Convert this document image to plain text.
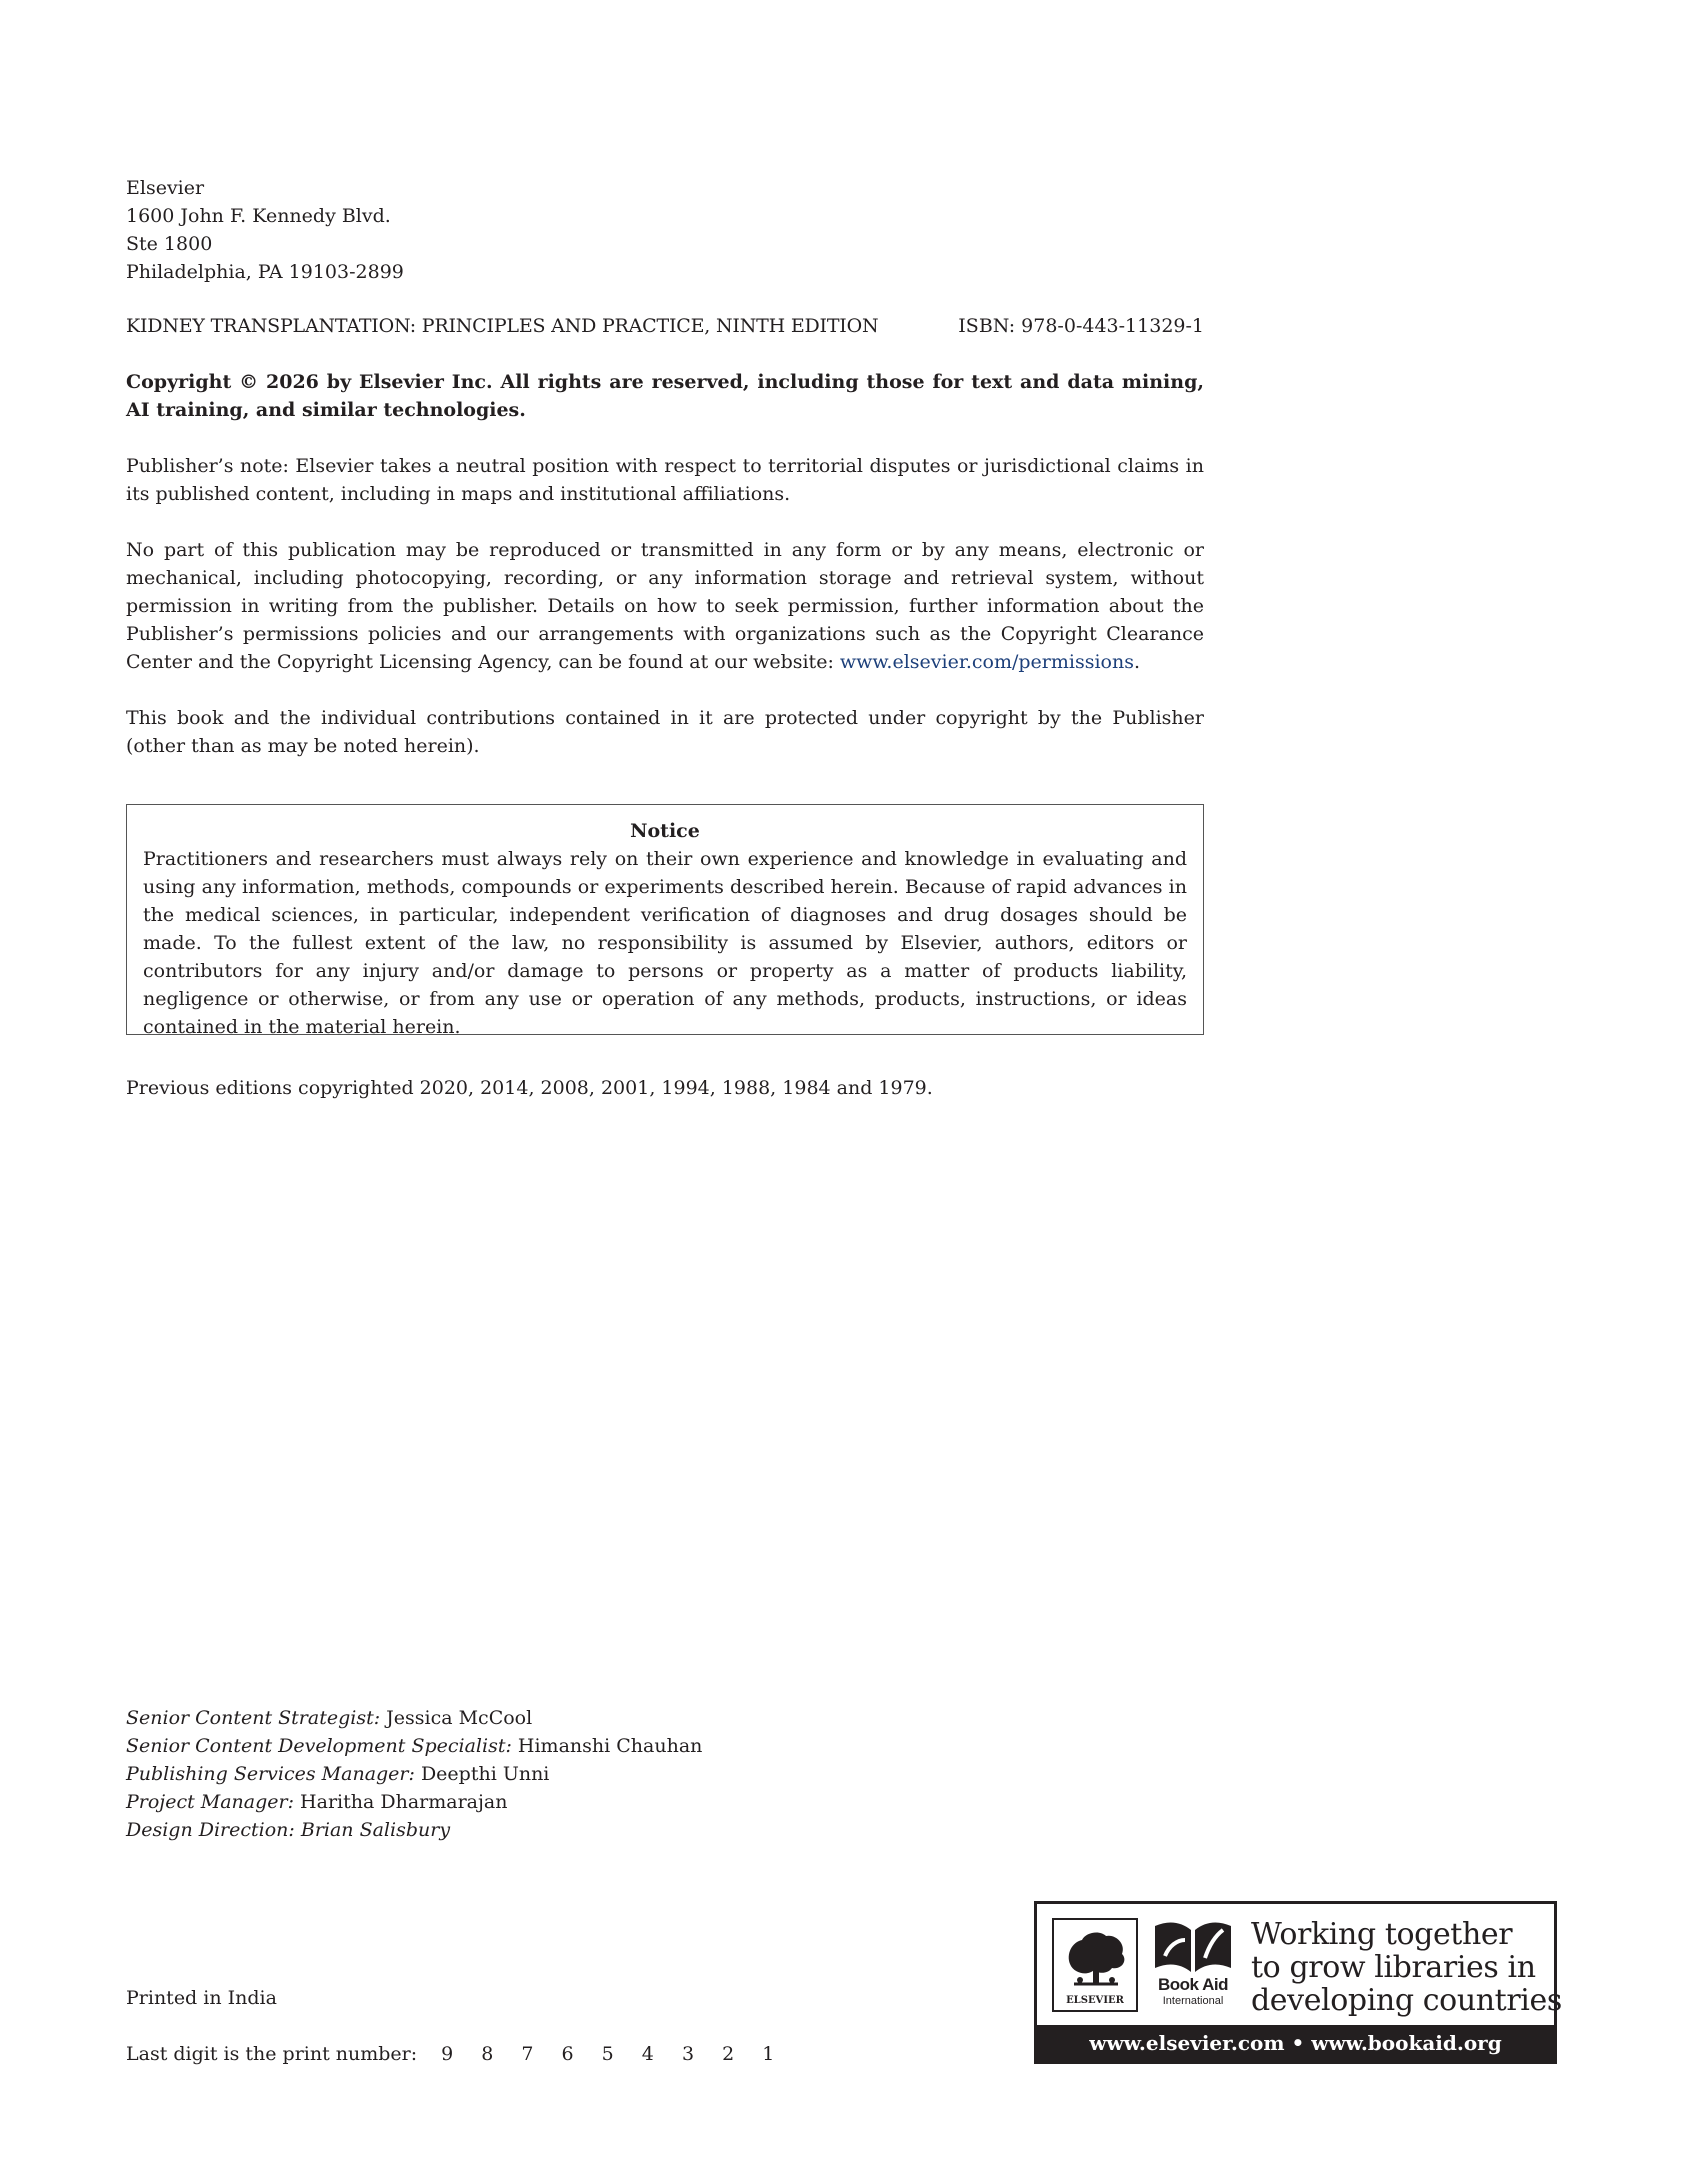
Elsevier
1600 John F. Kennedy Blvd.
Ste 1800
Philadelphia, PA 19103-2899
KIDNEY TRANSPLANTATION: PRINCIPLES AND PRACTICE, NINTH EDITION	ISBN: 978-0-443-11329-1
Copyright © 2026 by Elsevier Inc. All rights are reserved, including those for text and data mining, AI training, and similar technologies.
Publisher’s note: Elsevier takes a neutral position with respect to territorial disputes or jurisdictional claims in its published content, including in maps and institutional affiliations.
No part of this publication may be reproduced or transmitted in any form or by any means, electronic or mechanical, including photocopying, recording, or any information storage and retrieval system, without permission in writing from the publisher. Details on how to seek permission, further information about the Publisher’s permissions policies and our arrangements with organizations such as the Copyright Clearance Center and the Copyright Licensing Agency, can be found at our website: www.elsevier.com/permissions.
This book and the individual contributions contained in it are protected under copyright by the Publisher (other than as may be noted herein).
Notice
Practitioners and researchers must always rely on their own experience and knowledge in evaluating and using any information, methods, compounds or experiments described herein. Because of rapid advances in the medical sciences, in particular, independent verification of diagnoses and drug dosages should be made. To the fullest extent of the law, no responsibility is assumed by Elsevier, authors, editors or contributors for any injury and/or damage to persons or property as a matter of products liability, negligence or otherwise, or from any use or operation of any methods, products, instructions, or ideas contained in the material herein.
Previous editions copyrighted 2020, 2014, 2008, 2001, 1994, 1988, 1984 and 1979.
Senior Content Strategist: Jessica McCool
Senior Content Development Specialist: Himanshi Chauhan
Publishing Services Manager: Deepthi Unni
Project Manager: Haritha Dharmarajan
Design Direction: Brian Salisbury
Printed in India
Last digit is the print number: 9 8 7 6 5 4 3 2 1
ELSEVIER
Book Aid
International
Working together
to grow libraries in
developing countries
www.elsevier.com • www.bookaid.org
